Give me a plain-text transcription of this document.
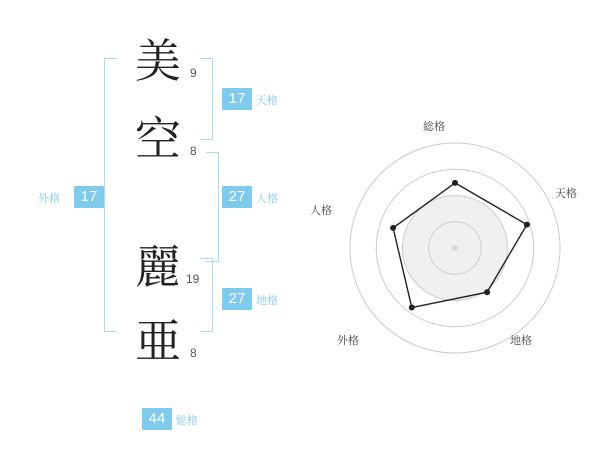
外格	17
美 9
空 8
麗 19
亜 8
17 天格
27 人格
27 地格
44 総格
総格
天格
地格
外格
人格
